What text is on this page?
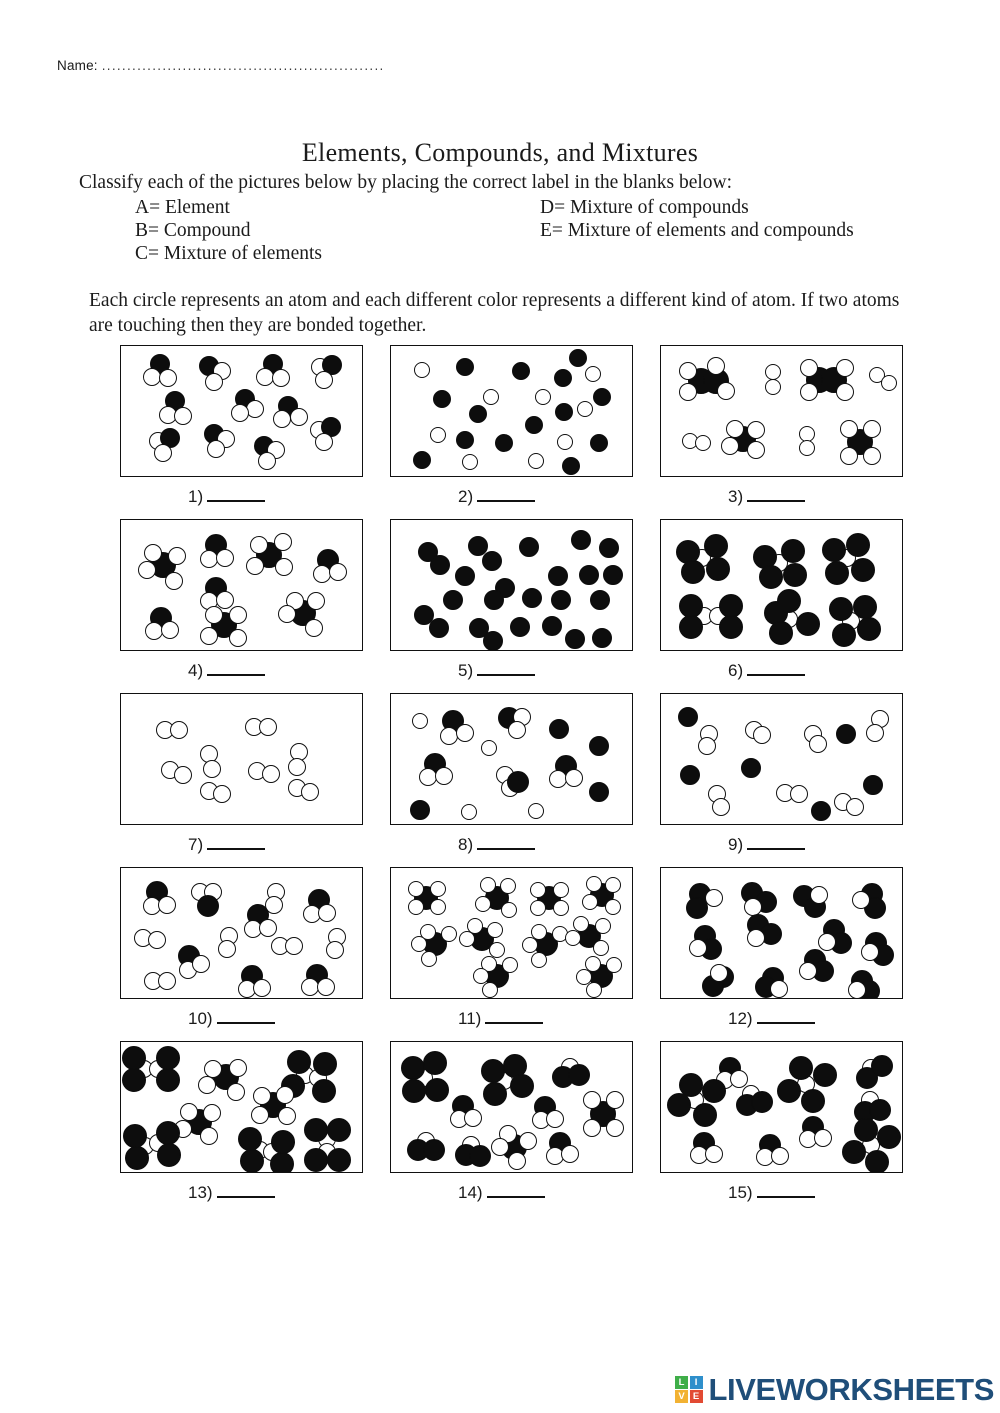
Name: ........................................................
Elements, Compounds, and Mixtures
Classify each of the pictures below by placing the correct label in the blanks below:
A= Element	D= Mixture of compounds
B= Compound	E= Mixture of elements and compounds
C= Mixture of elements
Each circle represents an atom and each different color represents a different kind of atom. If two atoms are touching then they are bonded together.
1)	2)	3)
4)	5)	6)
7)	8)	9)
10)	11)	12)
13)	14)	15)
L	I
V E LIVEWORKSHEETS
